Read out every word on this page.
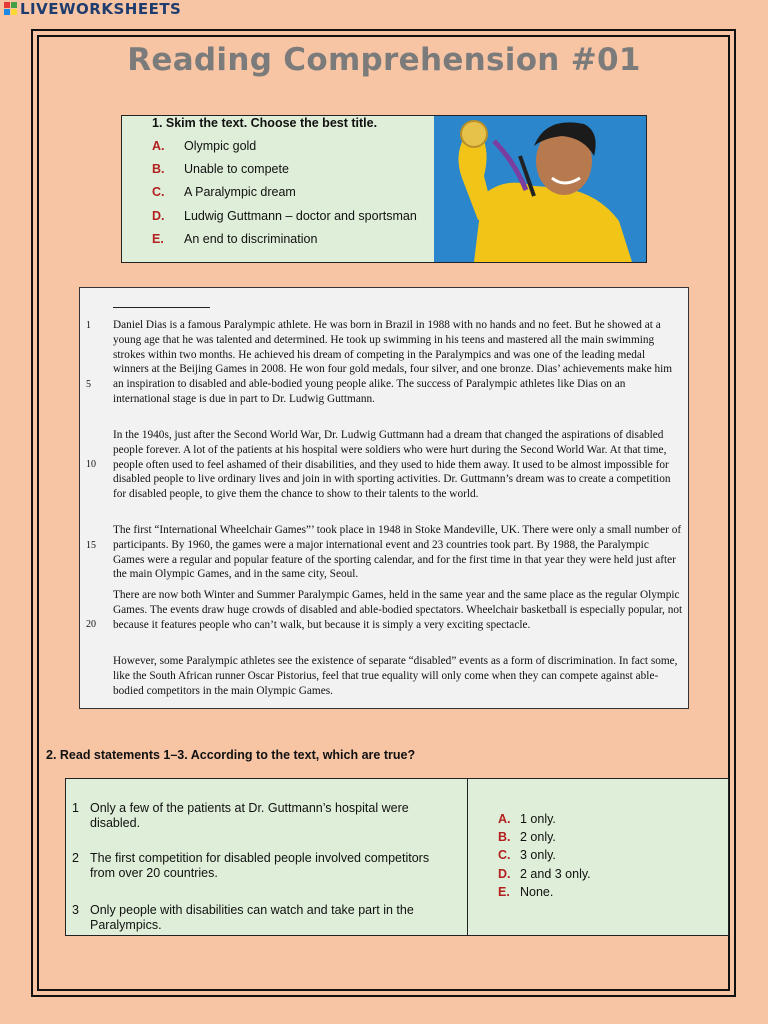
LIVEWORKSHEETS
Reading Comprehension #01
1. Skim the text. Choose the best title.
A.	Olympic gold
B.	Unable to compete
C.	A Paralympic dream
D.	Ludwig Guttmann – doctor and sportsman
E.	An end to discrimination
1
5
10
15
20
Daniel Dias is a famous Paralympic athlete. He was born in Brazil in 1988 with no hands and no feet. But he showed at a young age that he was talented and determined. He took up swimming in his teens and mastered all the main swimming strokes within two months. He achieved his dream of competing in the Paralympics and was one of the leading medal winners at the Beijing Games in 2008. He won four gold medals, four silver, and one bronze. Dias’ achievements make him an inspiration to disabled and able-bodied young people alike. The success of Paralympic athletes like Dias on an international stage is due in part to Dr. Ludwig Guttmann.
In the 1940s, just after the Second World War, Dr. Ludwig Guttmann had a dream that changed the aspirations of disabled people forever. A lot of the patients at his hospital were soldiers who were hurt during the Second World War. At that time, people often used to feel ashamed of their disabilities, and they used to hide them away. It used to be almost impossible for disabled people to live ordinary lives and join in with sporting activities. Dr. Guttmann’s dream was to create a competition for disabled people, to give them the chance to show to their talents to the world.
The first “International Wheelchair Games”’ took place in 1948 in Stoke Mandeville, UK. There were only a small number of participants. By 1960, the games were a major international event and 23 countries took part. By 1988, the Paralympic Games were a regular and popular feature of the sporting calendar, and for the first time in that year they were held just after the main Olympic Games, and in the same city, Seoul.
There are now both Winter and Summer Paralympic Games, held in the same year and the same place as the regular Olympic Games. The events draw huge crowds of disabled and able-bodied spectators. Wheelchair basketball is especially popular, not because it features people who can’t walk, but because it is simply a very exciting spectacle.
However, some Paralympic athletes see the existence of separate “disabled” events as a form of discrimination. In fact some, like the South African runner Oscar Pistorius, feel that true equality will only come when they can compete against able-bodied competitors in the main Olympic Games.
2. Read statements 1–3. According to the text, which are true?
1 Only a few of the patients at Dr. Guttmann’s hospital were disabled.
2 The first competition for disabled people involved competitors from over 20 countries.
3 Only people with disabilities can watch and take part in the Paralympics.
A. 1 only.
B. 2 only.
C. 3 only.
D. 2 and 3 only.
E. None.
